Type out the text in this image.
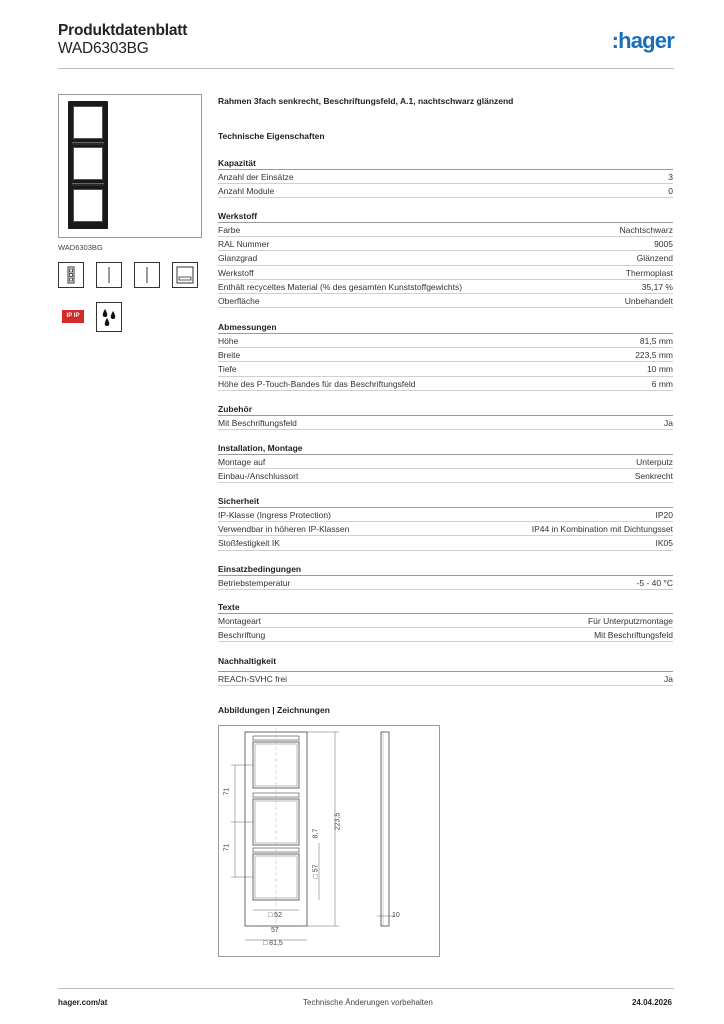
Produktdatenblatt
WAD6303BG	:hager
WAD6303BG
IP IP
Rahmen 3fach senkrecht, Beschriftungsfeld, A.1, nachtschwarz glänzend
Technische Eigenschaften
Kapazität
Anzahl der Einsätze	3
Anzahl Module	0
Werkstoff
Farbe	Nachtschwarz
RAL Nummer	9005
Glanzgrad	Glänzend
Werkstoff	Thermoplast
Enthält recyceltes Material (% des gesamten Kunststoffgewichts)	35,17 %
Oberfläche	Unbehandelt
Abmessungen
Höhe	81,5 mm
Breite	223,5 mm
Tiefe	10 mm
Höhe des P-Touch-Bandes für das Beschriftungsfeld	6 mm
Zubehör
Mit Beschriftungsfeld	Ja
Installation, Montage
Montage auf	Unterputz
Einbau-/Anschlussort	Senkrecht
Sicherheit
IP-Klasse (Ingress Protection)	IP20
Verwendbar in höheren IP-Klassen	IP44 in Kombination mit Dichtungsset
Stoßfestigkeit IK	IK05
Einsatzbedingungen
Betriebstemperatur	-5 - 40 °C
Texte
Montageart	Für Unterputzmontage
Beschriftung	Mit Beschriftungsfeld
Nachhaltigkeit
REACh-SVHC frei	Ja
Abbildungen | Zeichnungen
71
71
223,5
8,7
□ 57
□ 52
57
□ 81,5
10
hager.com/at	Technische Änderungen vorbehalten	24.04.2026
